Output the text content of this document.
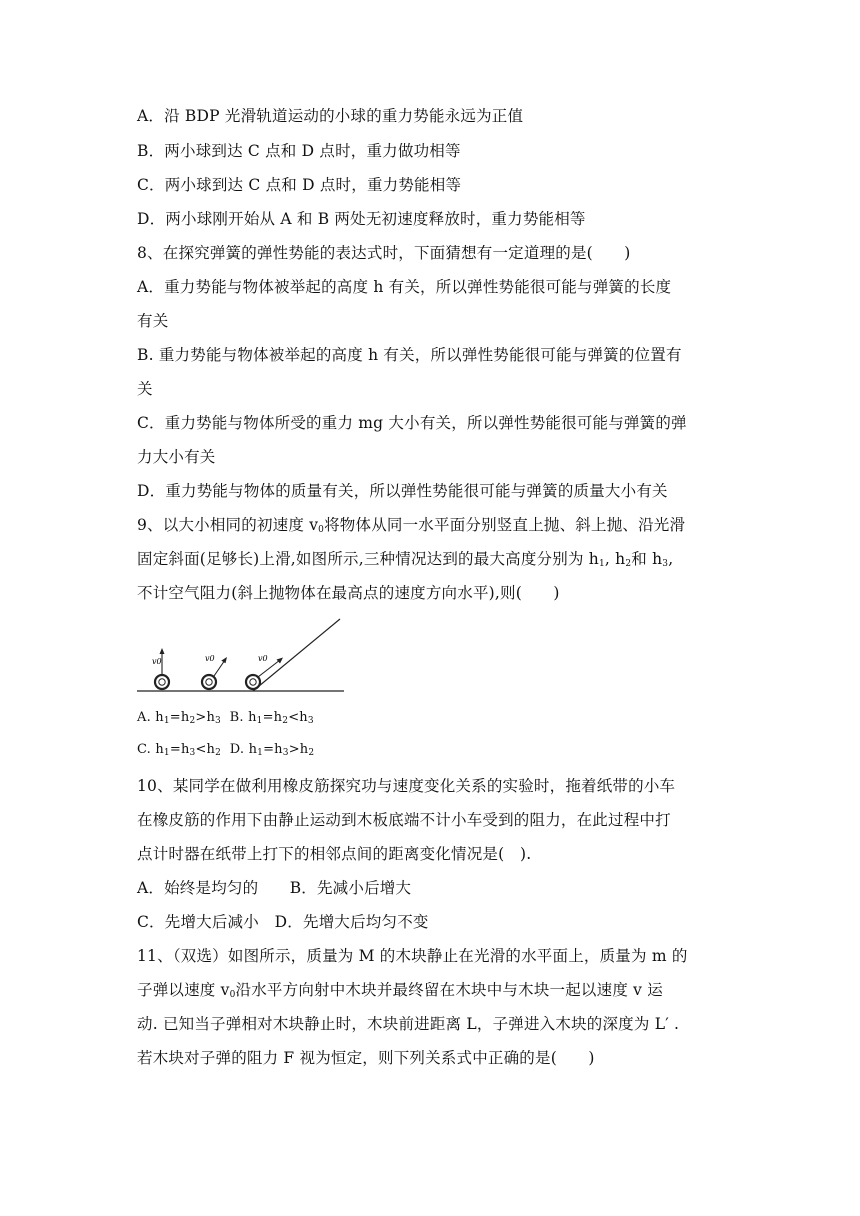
A．沿 BDP 光滑轨道运动的小球的重力势能永远为正值
B．两小球到达 C 点和 D 点时，重力做功相等
C．两小球到达 C 点和 D 点时，重力势能相等
D．两小球刚开始从 A 和 B 两处无初速度释放时，重力势能相等
8、在探究弹簧的弹性势能的表达式时，下面猜想有一定道理的是(　　)
A．重力势能与物体被举起的高度 h 有关，所以弹性势能很可能与弹簧的长度
有关
B. 重力势能与物体被举起的高度 h 有关，所以弹性势能很可能与弹簧的位置有
关
C．重力势能与物体所受的重力 mg 大小有关，所以弹性势能很可能与弹簧的弹
力大小有关
D．重力势能与物体的质量有关，所以弹性势能很可能与弹簧的质量大小有关
9、以大小相同的初速度 $v_0$将物体从同一水平面分别竖直上抛、斜上抛、沿光滑
固定斜面(足够长)上滑,如图所示,三种情况达到的最大高度分别为 $h_1$, $h_2$和 $h_3$,
不计空气阻力(斜上抛物体在最高点的速度方向水平),则(　　)
v0	v0	v0
A. $h_1=h_2>h_3$  B. $h_1=h_2<h_3$
C. $h_1=h_3<h_2$  D. $h_1=h_3>h_2$
10、某同学在做利用橡皮筋探究功与速度变化关系的实验时，拖着纸带的小车
在橡皮筋的作用下由静止运动到木板底端不计小车受到的阻力，在此过程中打
点计时器在纸带上打下的相邻点间的距离变化情况是(　).
A．始终是均匀的　　B．先减小后增大
C．先增大后减小　D．先增大后均匀不变
11、（双选）如图所示，质量为 M 的木块静止在光滑的水平面上，质量为 m 的
子弹以速度 $v_0$沿水平方向射中木块并最终留在木块中与木块一起以速度 v 运
动. 已知当子弹相对木块静止时，木块前进距离 L，子弹进入木块的深度为 L′ .
若木块对子弹的阻力 F 视为恒定，则下列关系式中正确的是(　　)
